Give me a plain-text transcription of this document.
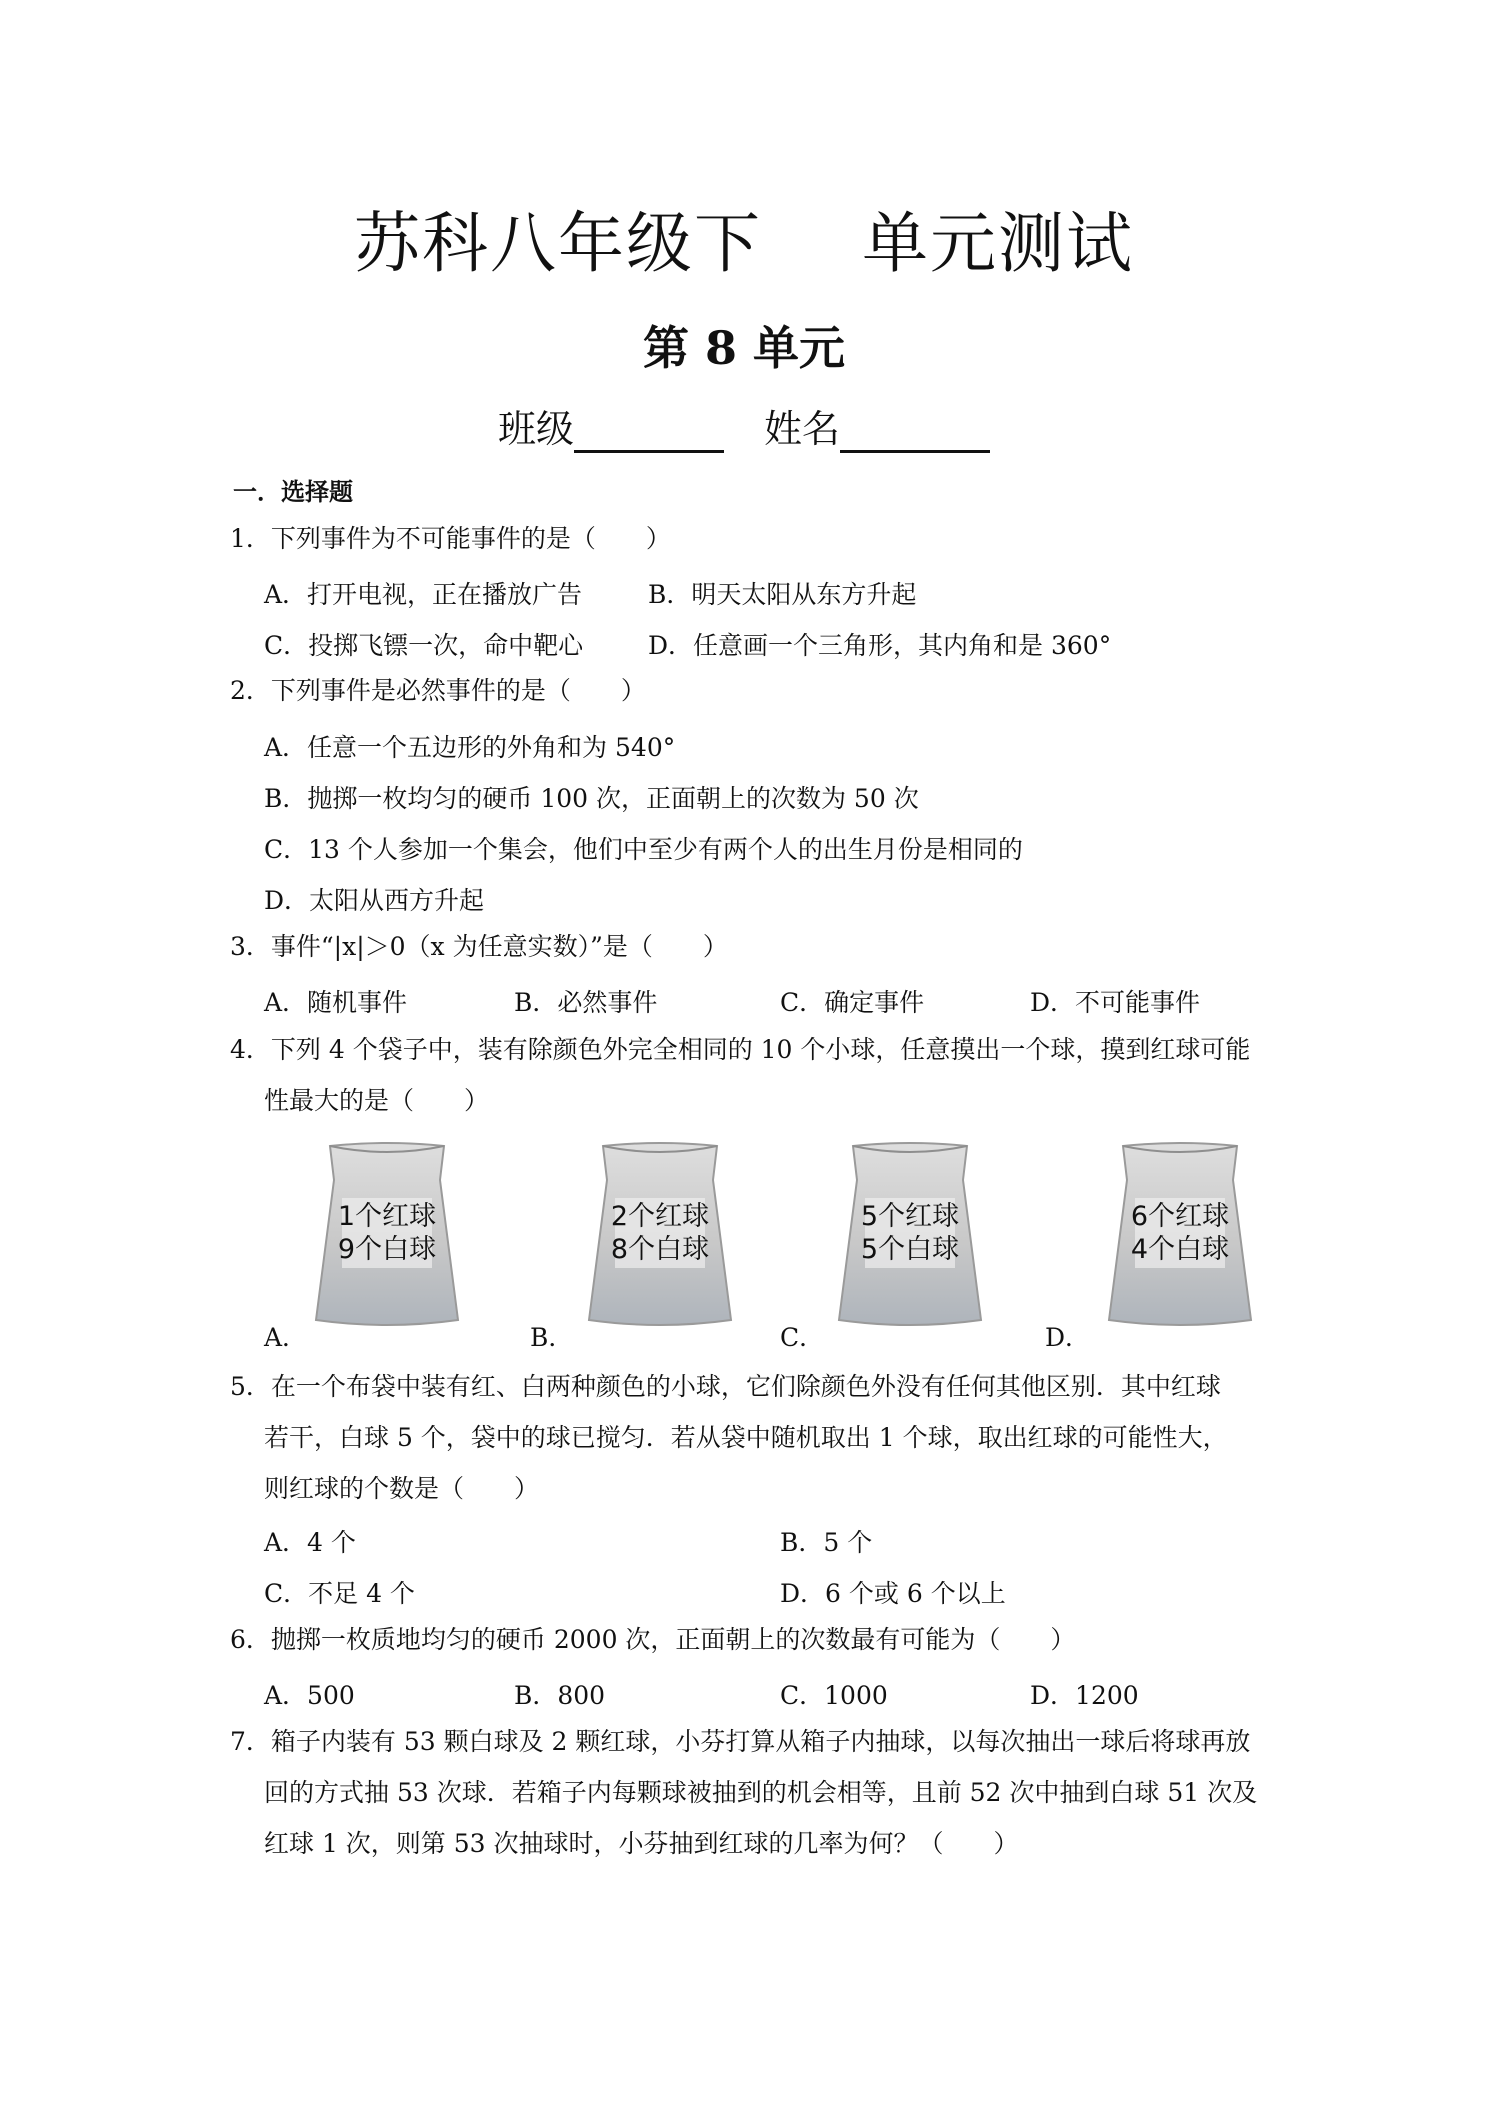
苏科八年级下 单元测试
第 8 单元
班级	姓名
一．选择题
1．下列事件为不可能事件的是（　　）
A．打开电视，正在播放广告	B．明天太阳从东方升起
C．投掷飞镖一次，命中靶心	D．任意画一个三角形，其内角和是 360°
2．下列事件是必然事件的是（　　）
A．任意一个五边形的外角和为 540°
B．抛掷一枚均匀的硬币 100 次，正面朝上的次数为 50 次
C．13 个人参加一个集会，他们中至少有两个人的出生月份是相同的
D．太阳从西方升起
3．事件“|x|＞0（x 为任意实数）”是（　　）
A．随机事件	B．必然事件	C．确定事件	D．不可能事件
4．下列 4 个袋子中，装有除颜色外完全相同的 10 个小球，任意摸出一个球，摸到红球可能
性最大的是（　　）
1个红球
9个白球
2个红球
8个白球
5个红球
5个白球
6个红球
4个白球
A．	B．	C．	D．
5．在一个布袋中装有红、白两种颜色的小球，它们除颜色外没有任何其他区别．其中红球
若干，白球 5 个，袋中的球已搅匀．若从袋中随机取出 1 个球，取出红球的可能性大，
则红球的个数是（　　）
A．4 个	B．5 个
C．不足 4 个	D．6 个或 6 个以上
6．抛掷一枚质地均匀的硬币 2000 次，正面朝上的次数最有可能为（　　）
A．500	B．800	C．1000	D．1200
7．箱子内装有 53 颗白球及 2 颗红球，小芬打算从箱子内抽球，以每次抽出一球后将球再放
回的方式抽 53 次球．若箱子内每颗球被抽到的机会相等，且前 52 次中抽到白球 51 次及
红球 1 次，则第 53 次抽球时，小芬抽到红球的几率为何？（　　）
